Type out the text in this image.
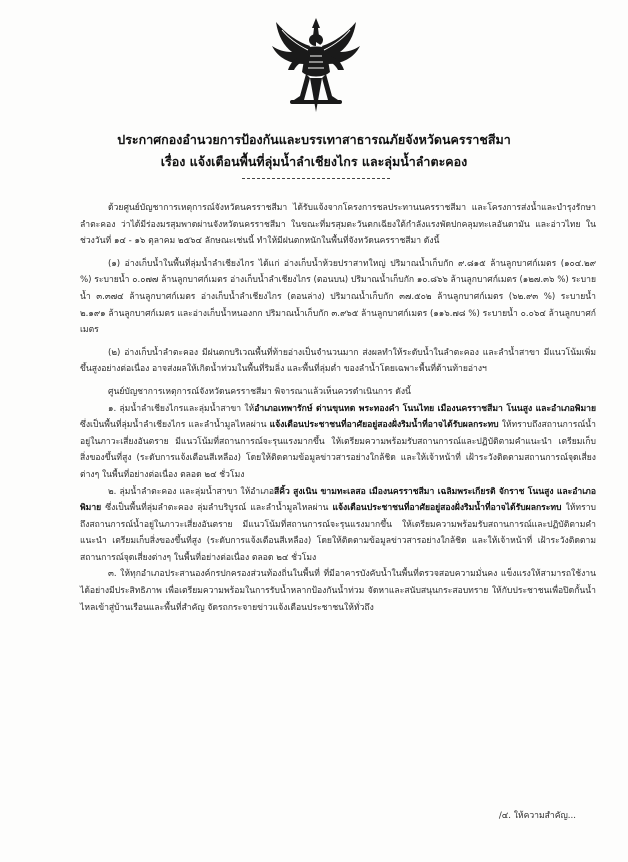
ประกาศกองอำนวยการป้องกันและบรรเทาสาธารณภัยจังหวัดนครราชสีมา
เรื่อง แจ้งเตือนพื้นที่ลุ่มน้ำลำเชียงไกร และลุ่มน้ำลำตะคอง

ด้วยศูนย์บัญชาการเหตุการณ์จังหวัดนครราชสีมา ได้รับแจ้งจากโครงการชลประทานนครราชสีมา และโครงการส่งน้ำและบำรุงรักษาลำตะคอง ว่าได้มีร่องมรสุมพาดผ่านจังหวัดนครราชสีมา ในขณะที่มรสุมตะวันตกเฉียงใต้กำลังแรงพัดปกคลุมทะเลอันดามัน และอ่าวไทย ในช่วงวันที่ ๑๔ - ๑๖ ตุลาคม ๒๕๖๔ ลักษณะเช่นนี้ ทำให้มีฝนตกหนักในพื้นที่จังหวัดนครราชสีมา ดังนี้

(๑) อ่างเก็บน้ำในพื้นที่ลุ่มน้ำลำเชียงไกร ได้แก่ อ่างเก็บน้ำห้วยปราสาทใหญ่ ปริมาณน้ำเก็บกัก ๙.๘๑๕ ล้านลูกบาศก์เมตร (๑๐๔.๒๙ %) ระบายน้ำ ๐.๐๗๗ ล้านลูกบาศก์เมตร อ่างเก็บน้ำลำเชียงไกร (ตอนบน) ปริมาณน้ำเก็บกัก ๑๐.๘๖๖ ล้านลูกบาศก์เมตร (๑๒๗.๓๖ %) ระบายน้ำ ๓.๓๗๔ ล้านลูกบาศก์เมตร อ่างเก็บน้ำลำเชียงไกร (ตอนล่าง) ปริมาณน้ำเก็บกัก ๓๗.๕๐๒ ล้านลูกบาศก์เมตร (๖๒.๙๓ %) ระบายน้ำ ๒.๑๙๑ ล้านลูกบาศก์เมตร และอ่างเก็บน้ำหนองกก ปริมาณน้ำเก็บกัก ๓.๙๖๕ ล้านลูกบาศก์เมตร (๑๑๖.๗๘ %) ระบายน้ำ ๐.๐๖๔ ล้านลูกบาศก์เมตร

(๒) อ่างเก็บน้ำลำตะคอง มีฝนตกบริเวณพื้นที่ท้ายอ่างเป็นจำนวนมาก ส่งผลทำให้ระดับน้ำในลำตะคอง และลำน้ำสาขา มีแนวโน้มเพิ่มขึ้นสูงอย่างต่อเนื่อง อาจส่งผลให้เกิดน้ำท่วมในพื้นที่ริมลิ่ง และพื้นที่ลุ่มต่ำ ของลำน้ำโดยเฉพาะพื้นที่ด้านท้ายอ่างฯ

ศูนย์บัญชาการเหตุการณ์จังหวัดนครราชสีมา พิจารณาแล้วเห็นควรดำเนินการ ดังนี้

๑. ลุ่มน้ำลำเชียงไกรและลุ่มน้ำสาขา ให้อำเภอเทพารักษ์ ด่านขุนทด พระทองคำ โนนไทย เมืองนครราชสีมา โนนสูง และอำเภอพิมาย ซึ่งเป็นพื้นที่ลุ่มน้ำลำเชียงไกร และลำน้ำมูลไหลผ่าน แจ้งเตือนประชาชนที่อาศัยอยู่สองฝั่งริมน้ำที่อาจได้รับผลกระทบ ให้ทราบถึงสถานการณ์น้ำอยู่ในภาวะเสี่ยงอันตราย มีแนวโน้มที่สถานการณ์จะรุนแรงมากขึ้น ให้เตรียมความพร้อมรับสถานการณ์และปฏิบัติตามคำแนะนำ เตรียมเก็บสิ่งของขึ้นที่สูง (ระดับการแจ้งเตือนสีเหลือง) โดยให้ติดตามข้อมูลข่าวสารอย่างใกล้ชิด และให้เจ้าหน้าที่ เฝ้าระวังติดตามสถานการณ์จุดเสี่ยงต่างๆ ในพื้นที่อย่างต่อเนื่อง ตลอด ๒๔ ชั่วโมง

๒. ลุ่มน้ำลำตะคอง และลุ่มน้ำสาขา ให้อำเภอสีคิ้ว สูงเนิน ขามทะเลสอ เมืองนครราชสีมา เฉลิมพระเกียรติ จักราช โนนสูง และอำเภอพิมาย ซึ่งเป็นพื้นที่ลุ่มลำตะคอง ลุ่มลำบริบูรณ์ และลำน้ำมูลไหลผ่าน แจ้งเตือนประชาชนที่อาศัยอยู่สองฝั่งริมน้ำที่อาจได้รับผลกระทบ ให้ทราบถึงสถานการณ์น้ำอยู่ในภาวะเสี่ยงอันตราย มีแนวโน้มที่สถานการณ์จะรุนแรงมากขึ้น ให้เตรียมความพร้อมรับสถานการณ์และปฏิบัติตามคำแนะนำ เตรียมเก็บสิ่งของขึ้นที่สูง (ระดับการแจ้งเตือนสีเหลือง) โดยให้ติดตามข้อมูลข่าวสารอย่างใกล้ชิด และให้เจ้าหน้าที่ เฝ้าระวังติดตามสถานการณ์จุดเสี่ยงต่างๆ ในพื้นที่อย่างต่อเนื่อง ตลอด ๒๔ ชั่วโมง

๓. ให้ทุกอำเภอประสานองค์กรปกครองส่วนท้องถิ่นในพื้นที่ ที่มีอาคารบังคับน้ำในพื้นที่ตรวจสอบความมั่นคง แข็งแรงให้สามารถใช้งานได้อย่างมีประสิทธิภาพ เพื่อเตรียมความพร้อมในการรับน้ำหลากป้องกันน้ำท่วม จัดหาและสนับสนุนกระสอบทราย ให้กับประชาชนเพื่อปิดกั้นน้ำไหลเข้าสู่บ้านเรือนและพื้นที่สำคัญ จัดรถกระจายข่าวแจ้งเตือนประชาชนให้ทั่วถึง

/๔. ให้ความสำคัญ...
